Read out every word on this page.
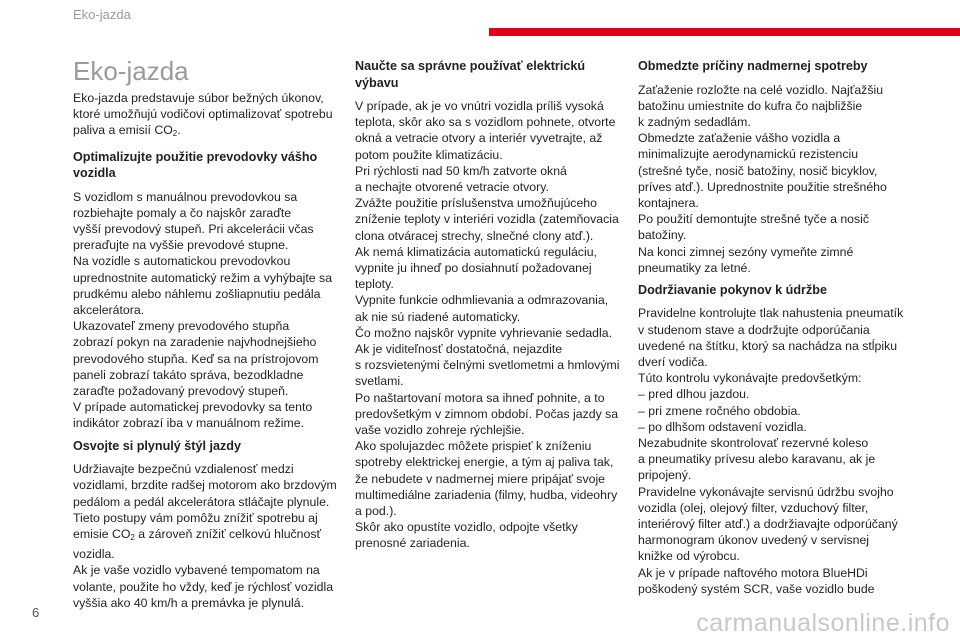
Eko-jazda
Eko-jazda

Eko-jazda predstavuje súbor bežných úkonov,
ktoré umožňujú vodičovi optimalizovať spotrebu
paliva a emisií $CO_2$.

Optimalizujte použitie prevodovky vášho
vozidla

S vozidlom s manuálnou prevodovkou sa
rozbiehajte pomaly a čo najskôr zaraďte
vyšší prevodový stupeň. Pri akcelerácii včas
preraďujte na vyššie prevodové stupne.
Na vozidle s automatickou prevodovkou
uprednostnite automatický režim a vyhýbajte sa
prudkému alebo náhlemu zošliapnutiu pedála
akcelerátora.
Ukazovateľ zmeny prevodového stupňa
zobrazí pokyn na zaradenie najvhodnejšieho
prevodového stupňa. Keď sa na prístrojovom
paneli zobrazí takáto správa, bezodkladne
zaraďte požadovaný prevodový stupeň.
V prípade automatickej prevodovky sa tento
indikátor zobrazí iba v manuálnom režime.

Osvojte si plynulý štýl jazdy

Udržiavajte bezpečnú vzdialenosť medzi
vozidlami, brzdite radšej motorom ako brzdovým
pedálom a pedál akcelerátora stláčajte plynule.
Tieto postupy vám pomôžu znížiť spotrebu aj
emisie $CO_2$ a zároveň znížiť celkovú hlučnosť
vozidla.
Ak je vaše vozidlo vybavené tempomatom na
volante, použite ho vždy, keď je rýchlosť vozidla
vyššia ako 40 km/h a premávka je plynulá.

Naučte sa správne používať elektrickú
výbavu

V prípade, ak je vo vnútri vozidla príliš vysoká
teplota, skôr ako sa s vozidlom pohnete, otvorte
okná a vetracie otvory a interiér vyvetrajte, až
potom použite klimatizáciu.
Pri rýchlosti nad 50 km/h zatvorte okná
a nechajte otvorené vetracie otvory.
Zvážte použitie príslušenstva umožňujúceho
zníženie teploty v interiéri vozidla (zatemňovacia
clona otváracej strechy, slnečné clony atď.).
Ak nemá klimatizácia automatickú reguláciu,
vypnite ju ihneď po dosiahnutí požadovanej
teploty.
Vypnite funkcie odhmlievania a odmrazovania,
ak nie sú riadené automaticky.
Čo možno najskôr vypnite vyhrievanie sedadla.
Ak je viditeľnosť dostatočná, nejazdite
s rozsvietenými čelnými svetlometmi a hmlovými
svetlami.
Po naštartovaní motora sa ihneď pohnite, a to
predovšetkým v zimnom období. Počas jazdy sa
vaše vozidlo zohreje rýchlejšie.
Ako spolujazdec môžete prispieť k zníženiu
spotreby elektrickej energie, a tým aj paliva tak,
že nebudete v nadmernej miere pripájať svoje
multimediálne zariadenia (filmy, hudba, videohry
a pod.).
Skôr ako opustíte vozidlo, odpojte všetky
prenosné zariadenia.

Obmedzte príčiny nadmernej spotreby

Zaťaženie rozložte na celé vozidlo. Najťažšiu
batožinu umiestnite do kufra čo najbližšie
k zadným sedadlám.
Obmedzte zaťaženie vášho vozidla a
minimalizujte aerodynamickú rezistenciu
(strešné tyče, nosič batožiny, nosič bicyklov,
príves atď.). Uprednostnite použitie strešného
kontajnera.
Po použití demontujte strešné tyče a nosič
batožiny.
Na konci zimnej sezóny vymeňte zimné
pneumatiky za letné.

Dodržiavanie pokynov k údržbe

Pravidelne kontrolujte tlak nahustenia pneumatík
v studenom stave a dodržujte odporúčania
uvedené na štítku, ktorý sa nachádza na stĺpiku
dverí vodiča.
Túto kontrolu vykonávajte predovšetkým:
– pred dlhou jazdou.
– pri zmene ročného obdobia.
– po dlhšom odstavení vozidla.
Nezabudnite skontrolovať rezervné koleso
a pneumatiky prívesu alebo karavanu, ak je
pripojený.
Pravidelne vykonávajte servisnú údržbu svojho
vozidla (olej, olejový filter, vzduchový filter,
interiérový filter atď.) a dodržiavajte odporúčaný
harmonogram úkonov uvedený v servisnej
knižke od výrobcu.
Ak je v prípade naftového motora BlueHDi
poškodený systém SCR, vaše vozidlo bude

6	carmanualsonline.info
